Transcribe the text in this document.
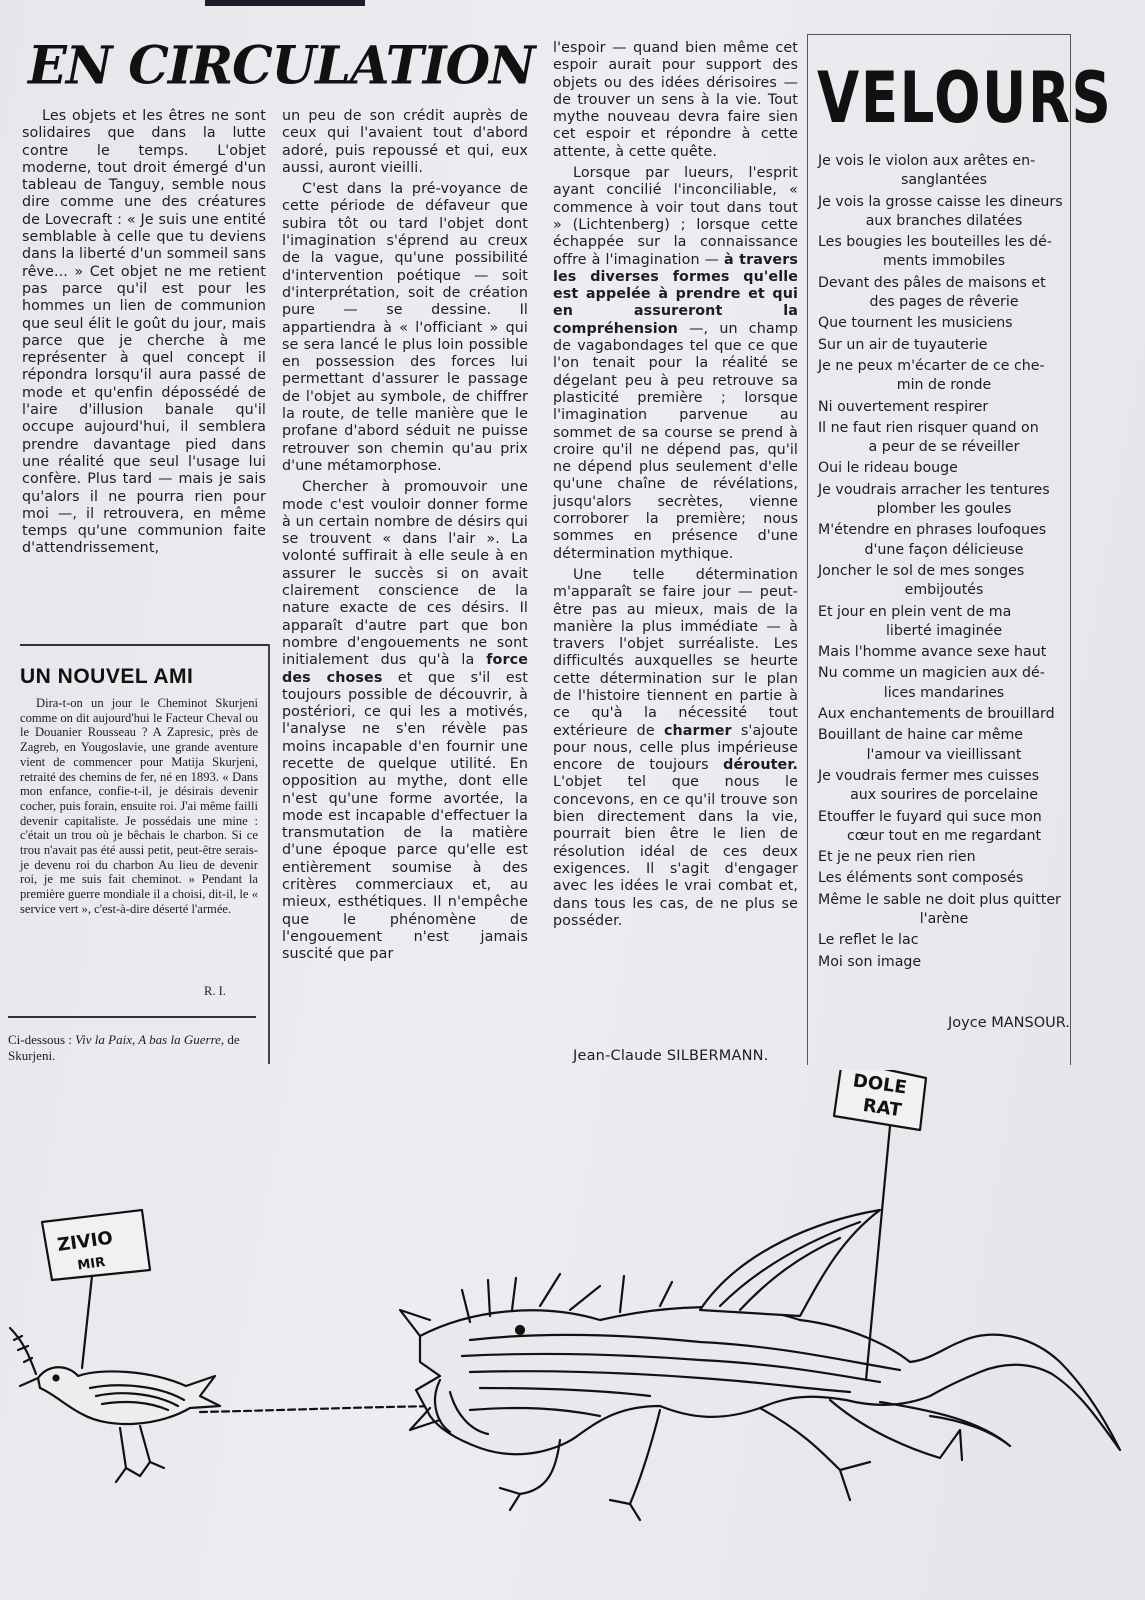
EN CIRCULATION

Les objets et les êtres ne sont solidaires que dans la lutte contre le temps. L'objet moderne, tout droit émergé d'un tableau de Tanguy, semble nous dire comme une des créatures de Lovecraft : « Je suis une entité semblable à celle que tu deviens dans la liberté d'un sommeil sans rêve... » Cet objet ne me retient pas parce qu'il est pour les hommes un lien de communion que seul élit le goût du jour, mais parce que je cherche à me représenter à quel concept il répondra lorsqu'il aura passé de mode et qu'enfin dépossédé de l'aire d'illusion banale qu'il occupe aujourd'hui, il semblera prendre davantage pied dans une réalité que seul l'usage lui confère. Plus tard — mais je sais qu'alors il ne pourra rien pour moi —, il retrouvera, en même temps qu'une communion faite d'attendrissement,

un peu de son crédit auprès de ceux qui l'avaient tout d'abord adoré, puis repoussé et qui, eux aussi, auront vieilli.

C'est dans la pré-voyance de cette période de défaveur que subira tôt ou tard l'objet dont l'imagination s'éprend au creux de la vague, qu'une possibilité d'intervention poétique — soit d'interprétation, soit de création pure — se dessine. Il appartiendra à « l'officiant » qui se sera lancé le plus loin possible en possession des forces lui permettant d'assurer le passage de l'objet au symbole, de chiffrer la route, de telle manière que le profane d'abord séduit ne puisse retrouver son chemin qu'au prix d'une métamorphose.

Chercher à promouvoir une mode c'est vouloir donner forme à un certain nombre de désirs qui se trouvent « dans l'air ». La volonté suffirait à elle seule à en assurer le succès si on avait clairement conscience de la nature exacte de ces désirs. Il apparaît d'autre part que bon nombre d'engouements ne sont initialement dus qu'à la force des choses et que s'il est toujours possible de découvrir, à postériori, ce qui les a motivés, l'analyse ne s'en révèle pas moins incapable d'en fournir une recette de quelque utilité. En opposition au mythe, dont elle n'est qu'une forme avortée, la mode est incapable d'effectuer la transmutation de la matière d'une époque parce qu'elle est entièrement soumise à des critères commerciaux et, au mieux, esthétiques. Il n'empêche que le phénomène de l'engouement n'est jamais suscité que par

l'espoir — quand bien même cet espoir aurait pour support des objets ou des idées dérisoires — de trouver un sens à la vie. Tout mythe nouveau devra faire sien cet espoir et répondre à cette attente, à cette quête.

Lorsque par lueurs, l'esprit ayant concilié l'inconciliable, « commence à voir tout dans tout » (Lichtenberg) ; lorsque cette échappée sur la connaissance offre à l'imagination — à travers les diverses formes qu'elle est appelée à prendre et qui en assureront la compréhension —, un champ de vagabondages tel que ce que l'on tenait pour la réalité se dégelant peu à peu retrouve sa plasticité première ; lorsque l'imagination parvenue au sommet de sa course se prend à croire qu'il ne dépend pas, qu'il ne dépend plus seulement d'elle qu'une chaîne de révélations, jusqu'alors secrètes, vienne corroborer la première; nous sommes en présence d'une détermination mythique.

Une telle détermination m'apparaît se faire jour — peut-être pas au mieux, mais de la manière la plus immédiate — à travers l'objet surréaliste. Les difficultés auxquelles se heurte cette détermination sur le plan de l'histoire tiennent en partie à ce qu'à la nécessité tout extérieure de charmer s'ajoute pour nous, celle plus impérieuse encore de toujours dérouter. L'objet tel que nous le concevons, en ce qu'il trouve son bien directement dans la vie, pourrait bien être le lien de résolution idéal de ces deux exigences. Il s'agit d'engager avec les idées le vrai combat et, dans tous les cas, de ne plus se posséder.

Jean-Claude SILBERMANN.
UN NOUVEL AMI

Dira-t-on un jour le Cheminot Skurjeni comme on dit aujourd'hui le Facteur Cheval ou le Douanier Rousseau ? A Zapresic, près de Zagreb, en Yougoslavie, une grande aventure vient de commencer pour Matija Skurjeni, retraité des chemins de fer, né en 1893. « Dans mon enfance, confie-t-il, je désirais devenir cocher, puis forain, ensuite roi. J'ai même failli devenir capitaliste. Je possédais une mine : c'était un trou où je bêchais le charbon. Si ce trou n'avait pas été aussi petit, peut-être serais-je devenu roi du charbon Au lieu de devenir roi, je me suis fait cheminot. » Pendant la première guerre mondiale il a choisi, dit-il, le « service vert », c'est-à-dire déserté l'armée.

R. I.
Ci-dessous : Viv la Paix, A bas la Guerre, de Skurjeni.
VELOURS
Je vois le violon aux arêtes en-
sanglantées
Je vois la grosse caisse les dineurs
aux branches dilatées
Les bougies les bouteilles les dé-
ments immobiles
Devant des pâles de maisons et
des pages de rêverie
Que tournent les musiciens
Sur un air de tuyauterie
Je ne peux m'écarter de ce che-
min de ronde
Ni ouvertement respirer
Il ne faut rien risquer quand on
a peur de se réveiller
Oui le rideau bouge
Je voudrais arracher les tentures
plomber les goules
M'étendre en phrases loufoques
d'une façon délicieuse
Joncher le sol de mes songes
embijoutés
Et jour en plein vent de ma
liberté imaginée
Mais l'homme avance sexe haut
Nu comme un magicien aux dé-
lices mandarines
Aux enchantements de brouillard
Bouillant de haine car même
l'amour va vieillissant
Je voudrais fermer mes cuisses
aux sourires de porcelaine
Etouffer le fuyard qui suce mon
cœur tout en me regardant
Et je ne peux rien rien
Les éléments sont composés
Même le sable ne doit plus quitter
l'arène
Le reflet le lac
Moi son image
Joyce MANSOUR.
ZIVIO
MIR
DOLE
RAT
